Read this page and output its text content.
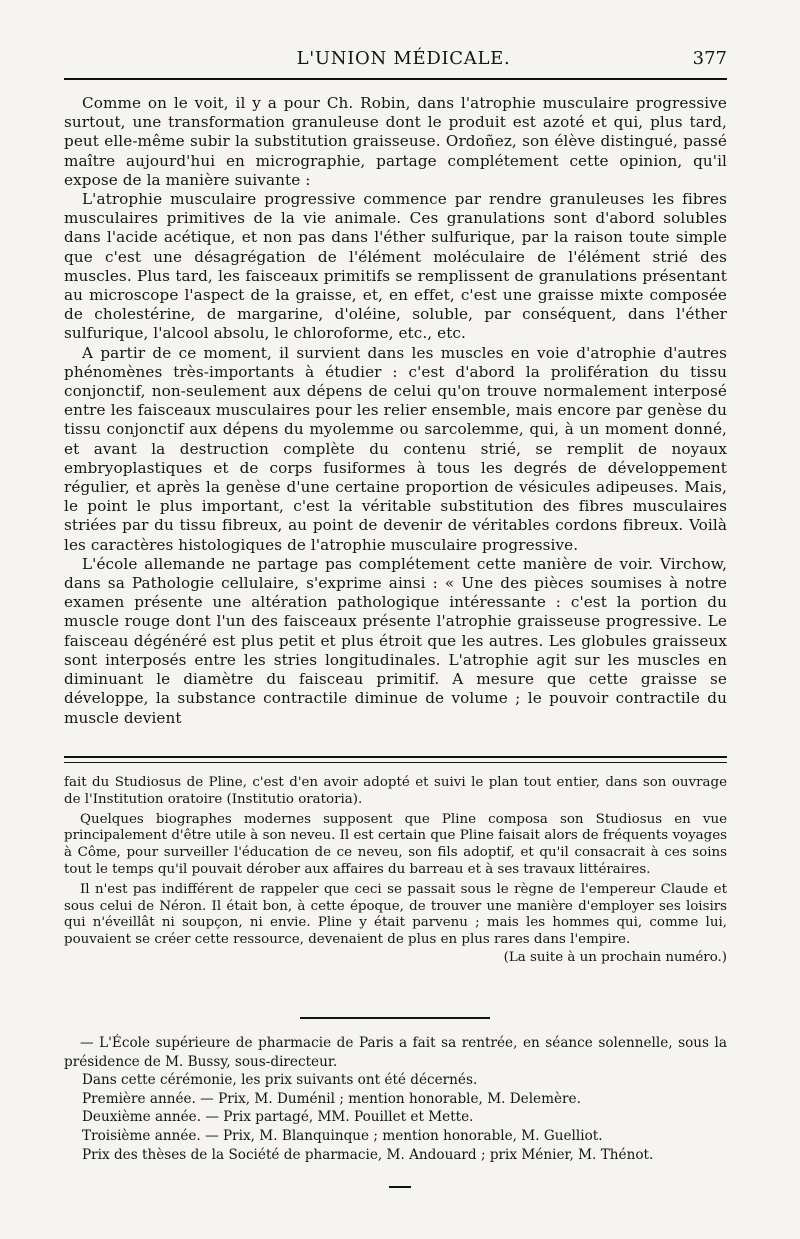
L'UNION MÉDICALE.	377

Comme on le voit, il y a pour Ch. Robin, dans l'atrophie musculaire progressive surtout, une transformation granuleuse dont le produit est azoté et qui, plus tard, peut elle-même subir la substitution graisseuse. Ordoñez, son élève distingué, passé maître aujourd'hui en micrographie, partage complétement cette opinion, qu'il expose de la manière suivante :

L'atrophie musculaire progressive commence par rendre granuleuses les fibres musculaires primitives de la vie animale. Ces granulations sont d'abord solubles dans l'acide acétique, et non pas dans l'éther sulfurique, par la raison toute simple que c'est une désagrégation de l'élément moléculaire de l'élément strié des muscles. Plus tard, les faisceaux primitifs se remplissent de granulations présentant au microscope l'aspect de la graisse, et, en effet, c'est une graisse mixte composée de cholestérine, de margarine, d'oléine, soluble, par conséquent, dans l'éther sulfurique, l'alcool absolu, le chloroforme, etc., etc.

A partir de ce moment, il survient dans les muscles en voie d'atrophie d'autres phénomènes très-importants à étudier : c'est d'abord la prolifération du tissu conjonctif, non-seulement aux dépens de celui qu'on trouve normalement interposé entre les faisceaux musculaires pour les relier ensemble, mais encore par genèse du tissu conjonctif aux dépens du myolemme ou sarcolemme, qui, à un moment donné, et avant la destruction complète du contenu strié, se remplit de noyaux embryoplastiques et de corps fusiformes à tous les degrés de développement régulier, et après la genèse d'une certaine proportion de vésicules adipeuses. Mais, le point le plus important, c'est la véritable substitution des fibres musculaires striées par du tissu fibreux, au point de devenir de véritables cordons fibreux. Voilà les caractères histologiques de l'atrophie musculaire progressive.

L'école allemande ne partage pas complétement cette manière de voir. Virchow, dans sa Pathologie cellulaire, s'exprime ainsi : « Une des pièces soumises à notre examen présente une altération pathologique intéressante : c'est la portion du muscle rouge dont l'un des faisceaux présente l'atrophie graisseuse progressive. Le faisceau dégénéré est plus petit et plus étroit que les autres. Les globules graisseux sont interposés entre les stries longitudinales. L'atrophie agit sur les muscles en diminuant le diamètre du faisceau primitif. A mesure que cette graisse se développe, la substance contractile diminue de volume ; le pouvoir contractile du muscle devient

fait du Studiosus de Pline, c'est d'en avoir adopté et suivi le plan tout entier, dans son ouvrage de l'Institution oratoire (Institutio oratoria).

Quelques biographes modernes supposent que Pline composa son Studiosus en vue principalement d'être utile à son neveu. Il est certain que Pline faisait alors de fréquents voyages à Côme, pour surveiller l'éducation de ce neveu, son fils adoptif, et qu'il consacrait à ces soins tout le temps qu'il pouvait dérober aux affaires du barreau et à ses travaux littéraires.

Il n'est pas indifférent de rappeler que ceci se passait sous le règne de l'empereur Claude et sous celui de Néron. Il était bon, à cette époque, de trouver une manière d'employer ses loisirs qui n'éveillât ni soupçon, ni envie. Pline y était parvenu ; mais les hommes qui, comme lui, pouvaient se créer cette ressource, devenaient de plus en plus rares dans l'empire.

(La suite à un prochain numéro.)

— L'École supérieure de pharmacie de Paris a fait sa rentrée, en séance solennelle, sous la présidence de M. Bussy, sous-directeur.

Dans cette cérémonie, les prix suivants ont été décernés.

Première année. — Prix, M. Duménil ; mention honorable, M. Delemère.

Deuxième année. — Prix partagé, MM. Pouillet et Mette.

Troisième année. — Prix, M. Blanquinque ; mention honorable, M. Guelliot.

Prix des thèses de la Société de pharmacie, M. Andouard ; prix Ménier, M. Thénot.
